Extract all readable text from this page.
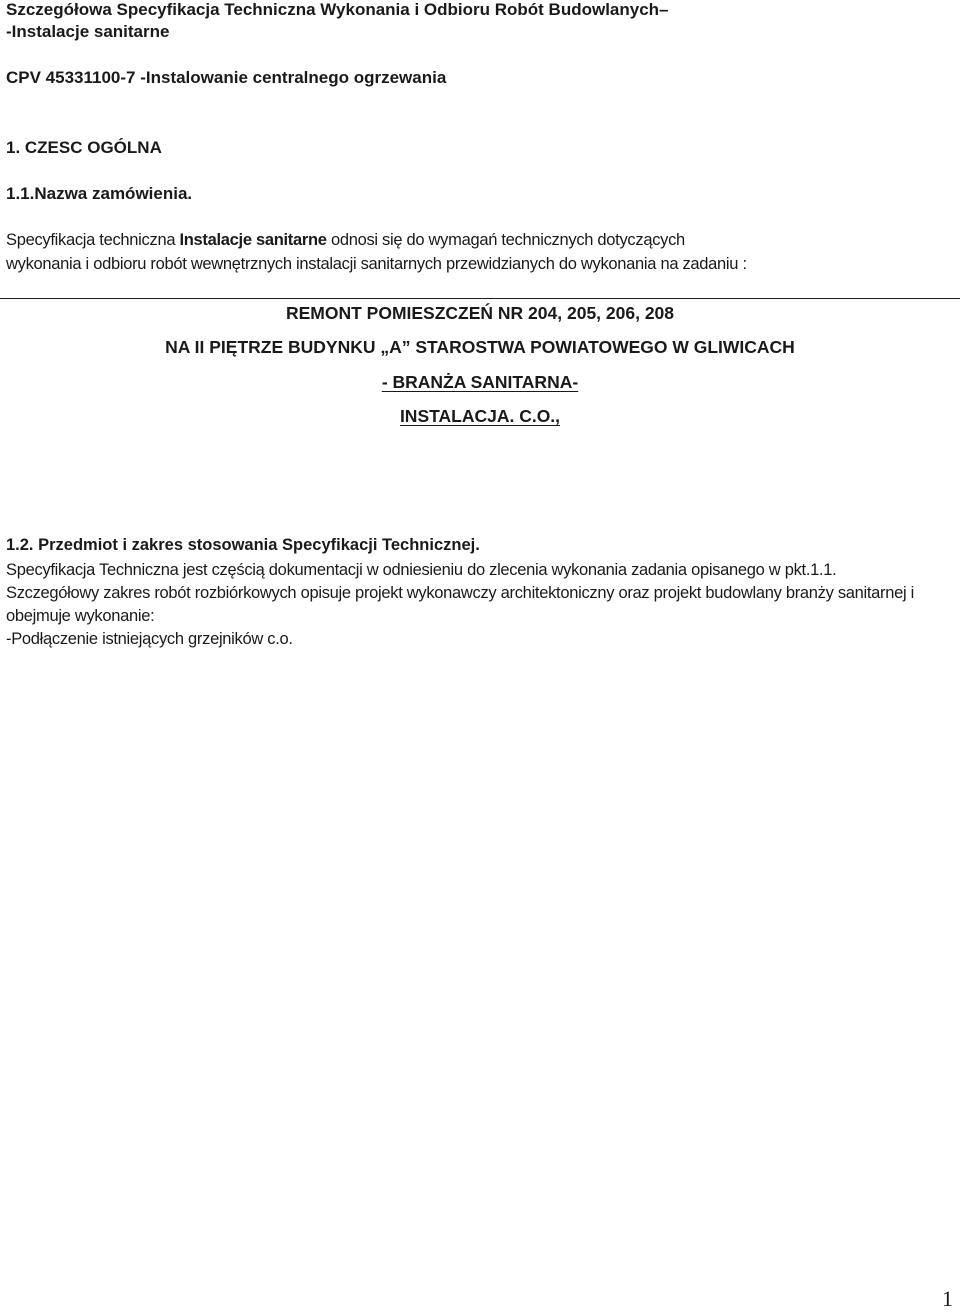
Szczegółowa Specyfikacja Techniczna Wykonania i Odbioru Robót Budowlanych–

-Instalacje sanitarne

CPV 45331100-7 -Instalowanie centralnego ogrzewania

1. CZESC OGÓLNA

1.1.Nazwa zamówienia.

Specyfikacja techniczna Instalacje sanitarne odnosi się do wymagań technicznych dotyczących

wykonania i odbioru robót wewnętrznych instalacji sanitarnych przewidzianych do wykonania na zadaniu :

REMONT POMIESZCZEŃ NR 204, 205, 206, 208

NA II PIĘTRZE BUDYNKU „A” STAROSTWA POWIATOWEGO W GLIWICACH

- BRANŻA SANITARNA-

INSTALACJA. C.O.,

1.2. Przedmiot i zakres stosowania Specyfikacji Technicznej.

Specyfikacja Techniczna jest częścią dokumentacji w odniesieniu do zlecenia wykonania zadania opisanego w pkt.1.1.

Szczegółowy zakres robót rozbiórkowych opisuje projekt wykonawczy architektoniczny oraz projekt budowlany branży sanitarnej i

obejmuje wykonanie:

-Podłączenie istniejących grzejników c.o.

1
